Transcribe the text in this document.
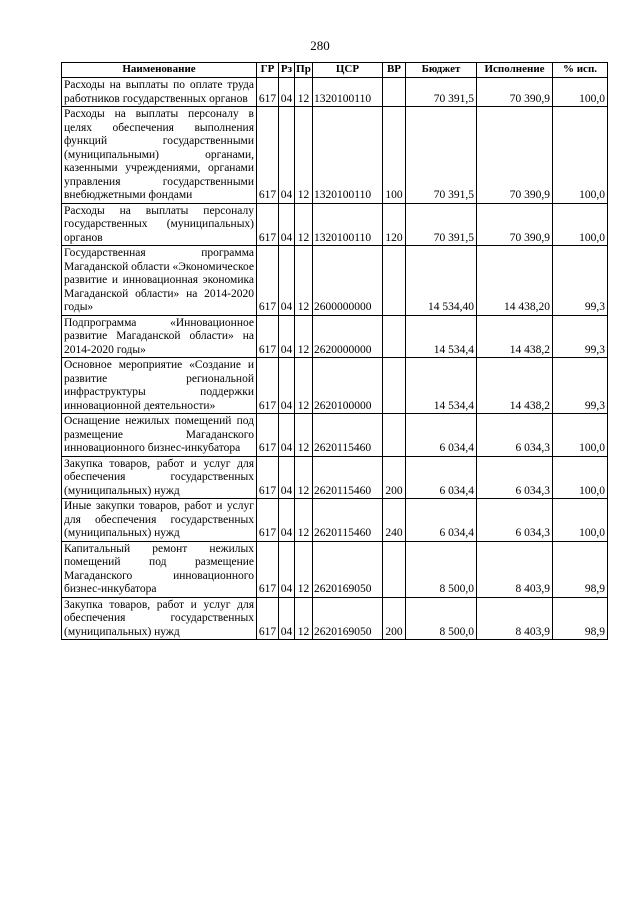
280
Наименование	ГР	Рз	Пр	ЦСР	ВР	Бюджет	Исполнение	% исп.
Расходы на выплаты по оплате труда работников государственных органов	617	04	12	1320100110		70 391,5	70 390,9	100,0
Расходы на выплаты персоналу в целях обеспечения выполнения функций государственными (муниципальными) органами, казенными учреждениями, органами управления государственными внебюджетными фондами	617	04	12	1320100110	100	70 391,5	70 390,9	100,0
Расходы на выплаты персоналу государственных (муниципальных) органов	617	04	12	1320100110	120	70 391,5	70 390,9	100,0
Государственная программа Магаданской области «Экономическое развитие и инновационная экономика Магаданской области» на 2014-2020 годы»	617	04	12	2600000000		14 534,40	14 438,20	99,3
Подпрограмма «Инновационное развитие Магаданской области» на 2014-2020 годы»	617	04	12	2620000000		14 534,4	14 438,2	99,3
Основное мероприятие «Создание и развитие региональной инфраструктуры поддержки инновационной деятельности»	617	04	12	2620100000		14 534,4	14 438,2	99,3
Оснащение нежилых помещений под размещение Магаданского инновационного бизнес-инкубатора	617	04	12	2620115460		6 034,4	6 034,3	100,0
Закупка товаров, работ и услуг для обеспечения государственных (муниципальных) нужд	617	04	12	2620115460	200	6 034,4	6 034,3	100,0
Иные закупки товаров, работ и услуг для обеспечения государственных (муниципальных) нужд	617	04	12	2620115460	240	6 034,4	6 034,3	100,0
Капитальный ремонт нежилых помещений под размещение Магаданского инновационного бизнес-инкубатора	617	04	12	2620169050		8 500,0	8 403,9	98,9
Закупка товаров, работ и услуг для обеспечения государственных (муниципальных) нужд	617	04	12	2620169050	200	8 500,0	8 403,9	98,9
